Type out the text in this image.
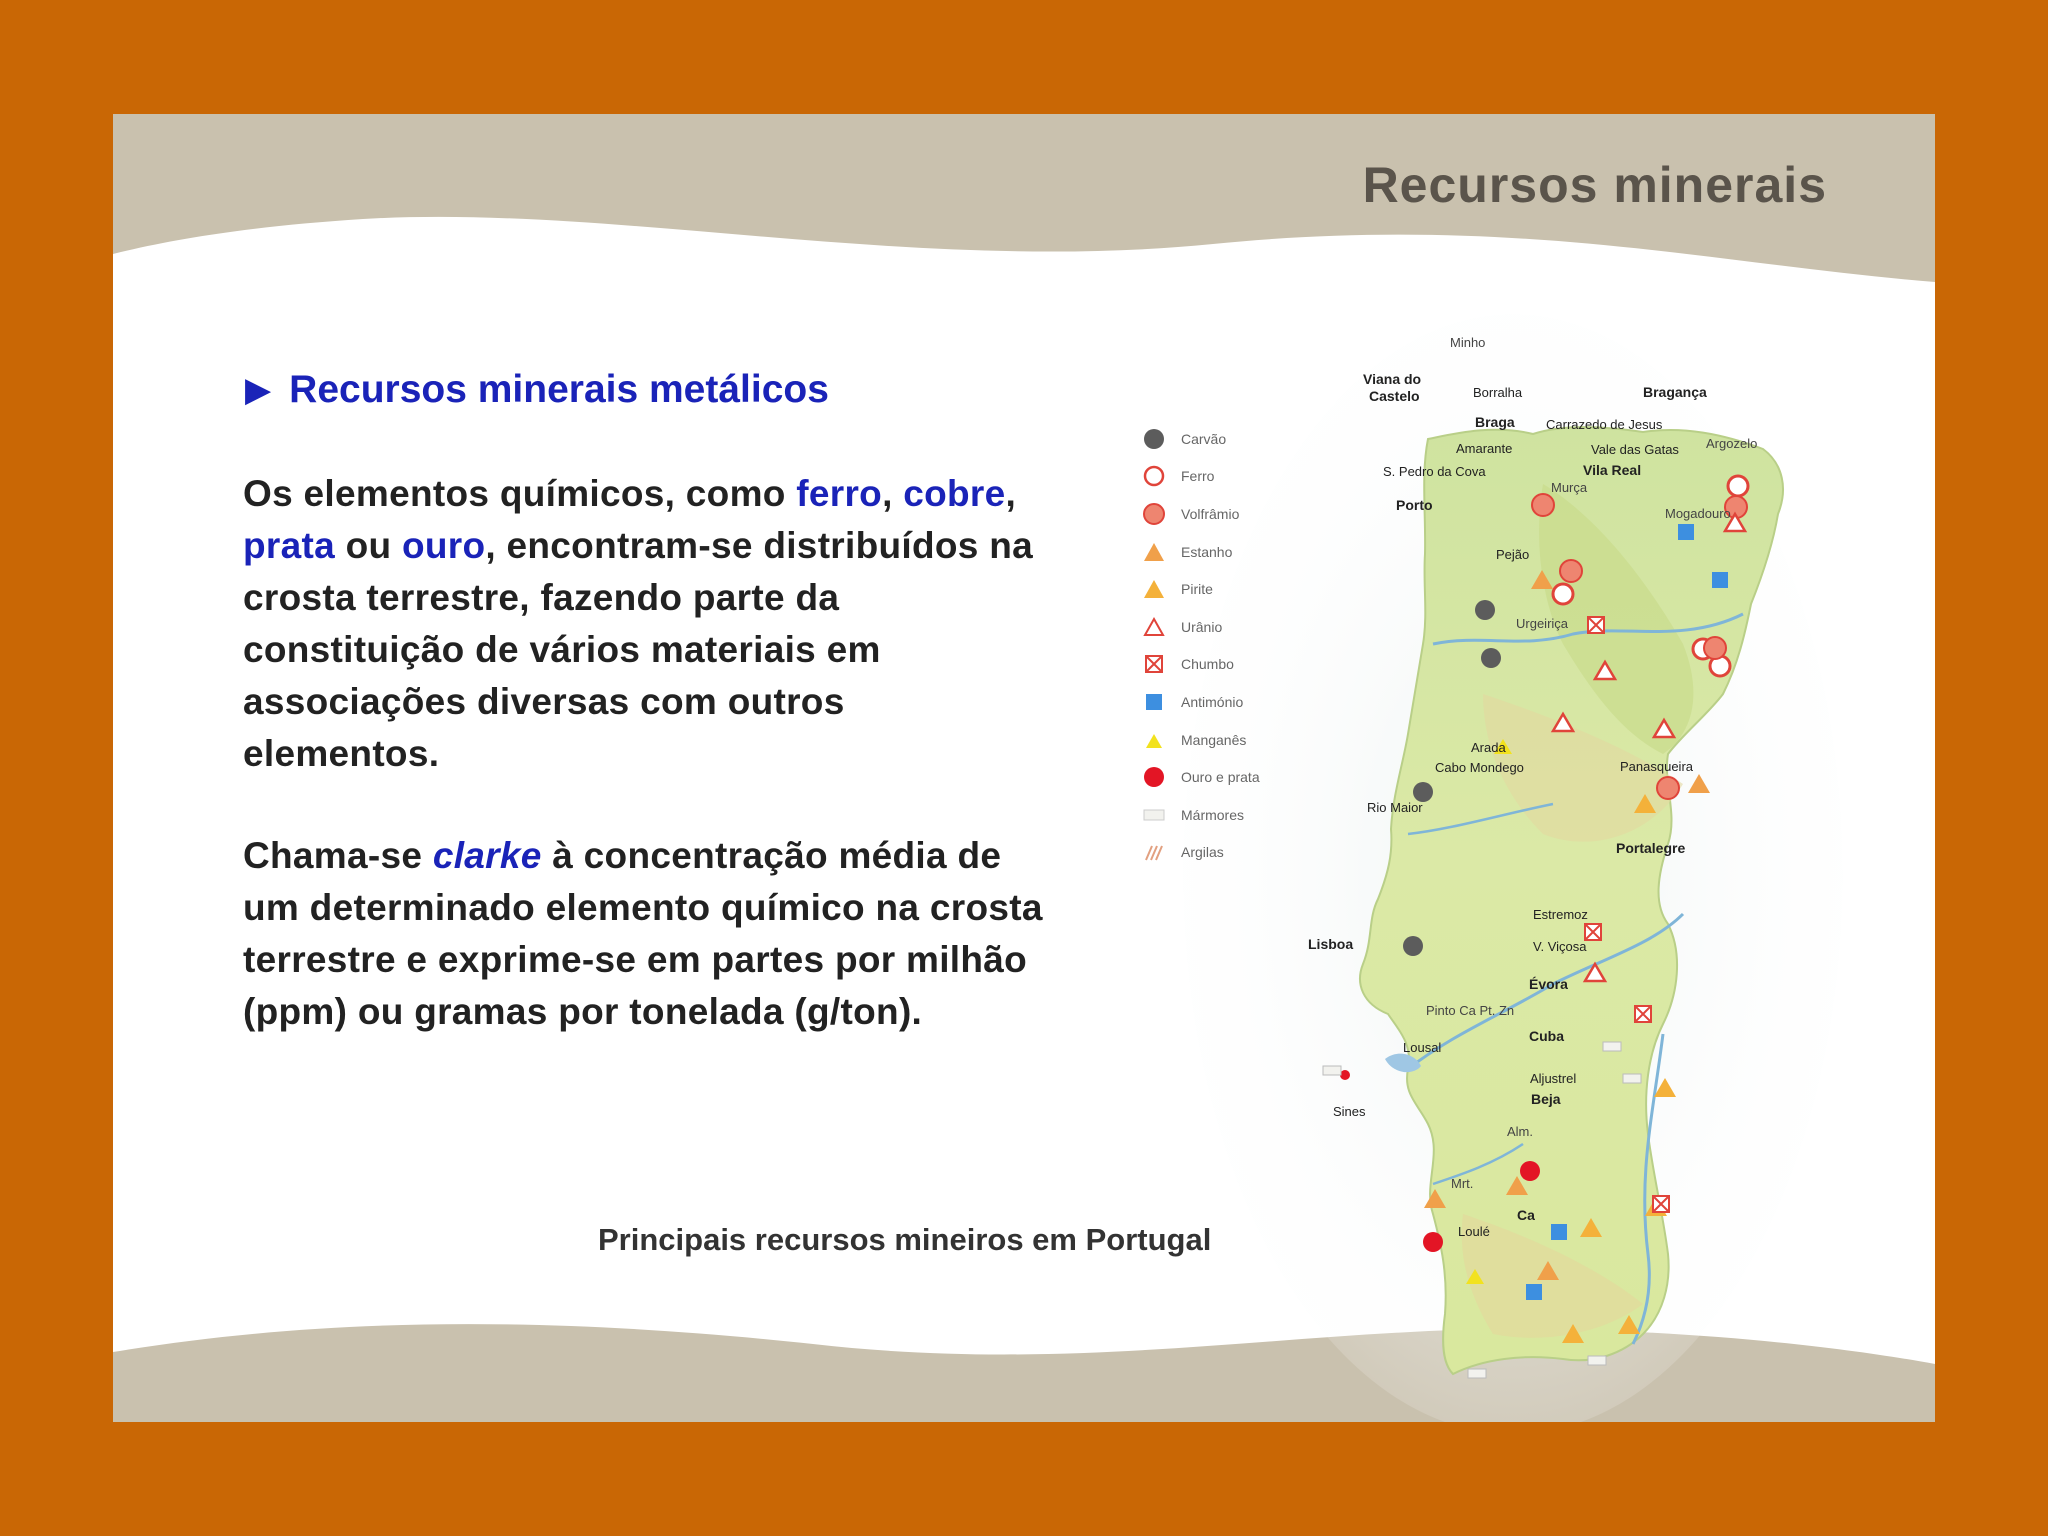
Recursos minerais
▶ Recursos minerais metálicos

Os elementos químicos, como ferro, cobre, prata ou ouro, encontram-se distribuídos na crosta terrestre, fazendo parte da constituição de vários materiais em associações diversas com outros elementos.

Chama-se clarke à concentração média de um determinado elemento químico na crosta terrestre e exprime-se em partes por milhão (ppm) ou gramas por tonelada (g/ton).

Minho
Viana do
Castelo	Borralha	Bragança
Braga Carrazedo de Jesus
Argozelo
Amarante	Vale das Gatas
Vila Real
S. Pedro da Cova
Murça
Porto
Mogadouro
Pejão
Urgeiriça
Arada
Cabo Mondego	Panasqueira
Rio Maior
Portalegre
Estremoz
V. Viçosa
Lisboa
Évora
Pinto Ca Pt. Zn
Lousal
Cuba
Aljustrel
Beja
Sines
Alm.
Mrt.
Loulé
Ca
Carvão
Ferro
Volfrâmio
Estanho
Pirite
Urânio
Chumbo
Antimónio
Manganês
Ouro e prata
Mármores
Argilas

Principais recursos mineiros em Portugal
